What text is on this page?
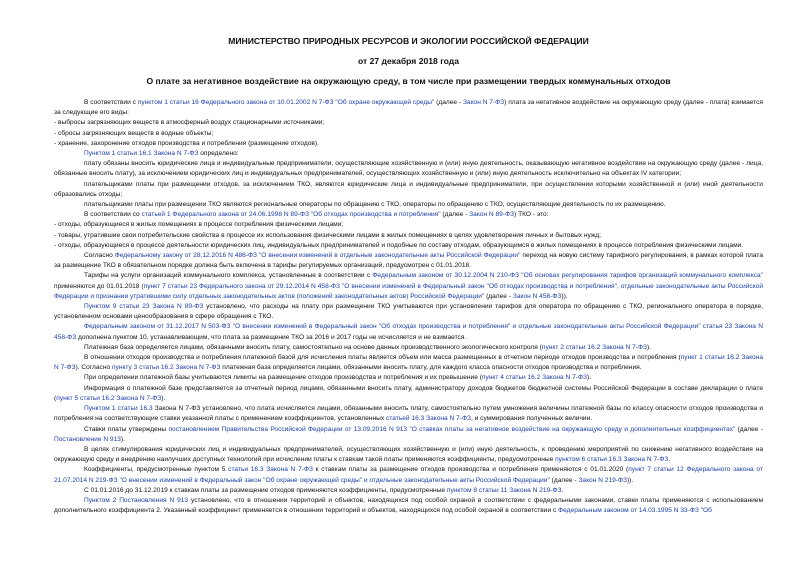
МИНИСТЕРСТВО ПРИРОДНЫХ РЕСУРСОВ И ЭКОЛОГИИ РОССИЙСКОЙ ФЕДЕРАЦИИ

от 27 декабря 2018 года

О плате за негативное воздействие на окружающую среду, в том числе при размещении твердых коммунальных отходов

В соответствии с пунктом 1 статьи 16 Федерального закона от 10.01.2002 N 7-ФЗ "Об охране окружающей среды" (далее - Закон N 7-ФЗ) плата за негативное воздействие на окружающую среду (далее - плата) взимается за следующие его виды:

- выбросы загрязняющих веществ в атмосферный воздух стационарными источниками;

- сбросы загрязняющих веществ в водные объекты;

- хранение, захоронение отходов производства и потребления (размещение отходов).

Пунктом 1 статьи 16.1 Закона N 7-ФЗ определено:

плату обязаны вносить юридические лица и индивидуальные предприниматели, осуществляющие хозяйственную и (или) иную деятельность, оказывающую негативное воздействие на окружающую среду (далее - лица, обязанные вносить плату), за исключением юридических лиц и индивидуальных предпринимателей, осуществляющих хозяйственную и (или) иную деятельность исключительно на объектах IV категории;

плательщиками платы при размещении отходов, за исключением ТКО, являются юридические лица и индивидуальные предприниматели, при осуществлении которыми хозяйственной и (или) иной деятельности образовались отходы;

плательщиками платы при размещении ТКО являются региональные операторы по обращению с ТКО, операторы по обращению с ТКО, осуществляющие деятельность по их размещению.

В соответствии со статьей 1 Федерального закона от 24.06.1998 N 89-ФЗ "Об отходах производства и потребления" (далее - Закон N 89-ФЗ) ТКО - это:

- отходы, образующиеся в жилых помещениях в процессе потребления физическими лицами;

- товары, утратившие свои потребительские свойства в процессе их использования физическими лицами в жилых помещениях в целях удовлетворения личных и бытовых нужд;

- отходы, образующиеся в процессе деятельности юридических лиц, индивидуальных предпринимателей и подобные по составу отходам, образующимся в жилых помещениях в процессе потребления физическими лицами.

Согласно Федеральному закону от 28.12.2016 N 486-ФЗ "О внесении изменений в отдельные законодательные акты Российской Федерации" переход на новую систему тарифного регулирования, в рамках которой плата за размещение ТКО в обязательном порядке должна быть включена в тарифы регулируемых организаций, предусмотрен с 01.01.2018.

Тарифы на услуги организаций коммунального комплекса, установленные в соответствии с Федеральным законом от 30.12.2004 N 210-ФЗ "Об основах регулирования тарифов организаций коммунального комплекса" применяются до 01.01.2018 (пункт 7 статьи 23 Федерального закона от 29.12.2014 N 458-ФЗ "О внесении изменений в Федеральный закон "Об отходах производства и потребления", отдельные законодательные акты Российской Федерации и признании утратившими силу отдельных законодательных актов (положений законодательных актов) Российской Федерации" (далее - Закон N 458-ФЗ)).

Пунктом 9 статьи 23 Закона N 89-ФЗ установлено, что расходы на плату при размещении ТКО учитываются при установлении тарифов для оператора по обращению с ТКО, регионального оператора в порядке, установленном основами ценообразования в сфере обращения с ТКО.

Федеральным законом от 31.12.2017 N 503-ФЗ "О внесении изменений в Федеральный закон "Об отходах производства и потребления" и отдельные законодательные акты Российской Федерации" статья 23 Закона N 458-ФЗ дополнена пунктом 10, устанавливающим, что плата за размещение ТКО за 2016 и 2017 годы не исчисляется и не взимается.

Платежная база определяется лицами, обязанными вносить плату, самостоятельно на основе данных производственного экологического контроля (пункт 2 статьи 16.2 Закона N 7-ФЗ).

В отношении отходов производства и потребления платежной базой для исчисления платы является объем или масса размещенных в отчетном периоде отходов производства и потребления (пункт 1 статьи 16.2 Закона N 7-ФЗ). Согласно пункту 3 статьи 16.2 Закона N 7-ФЗ платежная база определяется лицами, обязанными вносить плату, для каждого класса опасности отходов производства и потребления.

При определении платежной базы учитываются лимиты на размещение отходов производства и потребления и их превышение (пункт 4 статьи 16.2 Закона N 7-ФЗ).

Информация о платежной базе представляется за отчетный период лицами, обязанными вносить плату, администратору доходов бюджетов бюджетной системы Российской Федерации в составе декларации о плате (пункт 5 статьи 16.2 Закона N 7-ФЗ).

Пунктом 1 статьи 16.3 Закона N 7-ФЗ установлено, что плата исчисляется лицами, обязанными вносить плату, самостоятельно путем умножения величины платежной базы по классу опасности отходов производства и потребления на соответствующие ставки указанной платы с применением коэффициентов, установленных статьей 16.3 Закона N 7-ФЗ, и суммирования полученных величин.

Ставки платы утверждены постановлением Правительства Российской Федерации от 13.09.2016 N 913 "О ставках платы за негативное воздействие на окружающую среду и дополнительных коэффициентах" (далее - Постановление N 913).

В целях стимулирования юридических лиц и индивидуальных предпринимателей, осуществляющих хозяйственную и (или) иную деятельность, к проведению мероприятий по снижению негативного воздействия на окружающую среду и внедрению наилучших доступных технологий при исчислении платы к ставкам такой платы применяются коэффициенты, предусмотренные пунктом 6 статьи 16.3 Закона N 7-ФЗ.

Коэффициенты, предусмотренные пунктом 5 статьи 16.3 Закона N 7-ФЗ к ставкам платы за размещение отходов производства и потребления применяются с 01.01.2020 (пункт 7 статьи 12 Федерального закона от 21.07.2014 N 219-ФЗ "О внесении изменений в Федеральный закон "Об охране окружающей среды" и отдельные законодательные акты Российской Федерации" (далее - Закон N 219-ФЗ)).

С 01.01.2016 до 31.12.2019 к ставкам платы за размещение отходов применяются коэффициенты, предусмотренные пунктом 8 статьи 11 Закона N 219-ФЗ.

Пунктом 2 Постановления N 913 установлено, что в отношении территорий и объектов, находящихся под особой охраной в соответствии с федеральными законами, ставки платы применяются с использованием дополнительного коэффициента 2. Указанный коэффициент применяется в отношении территорий и объектов, находящихся под особой охраной в соответствии с Федеральным законом от 14.03.1995 N 33-ФЗ "Об
